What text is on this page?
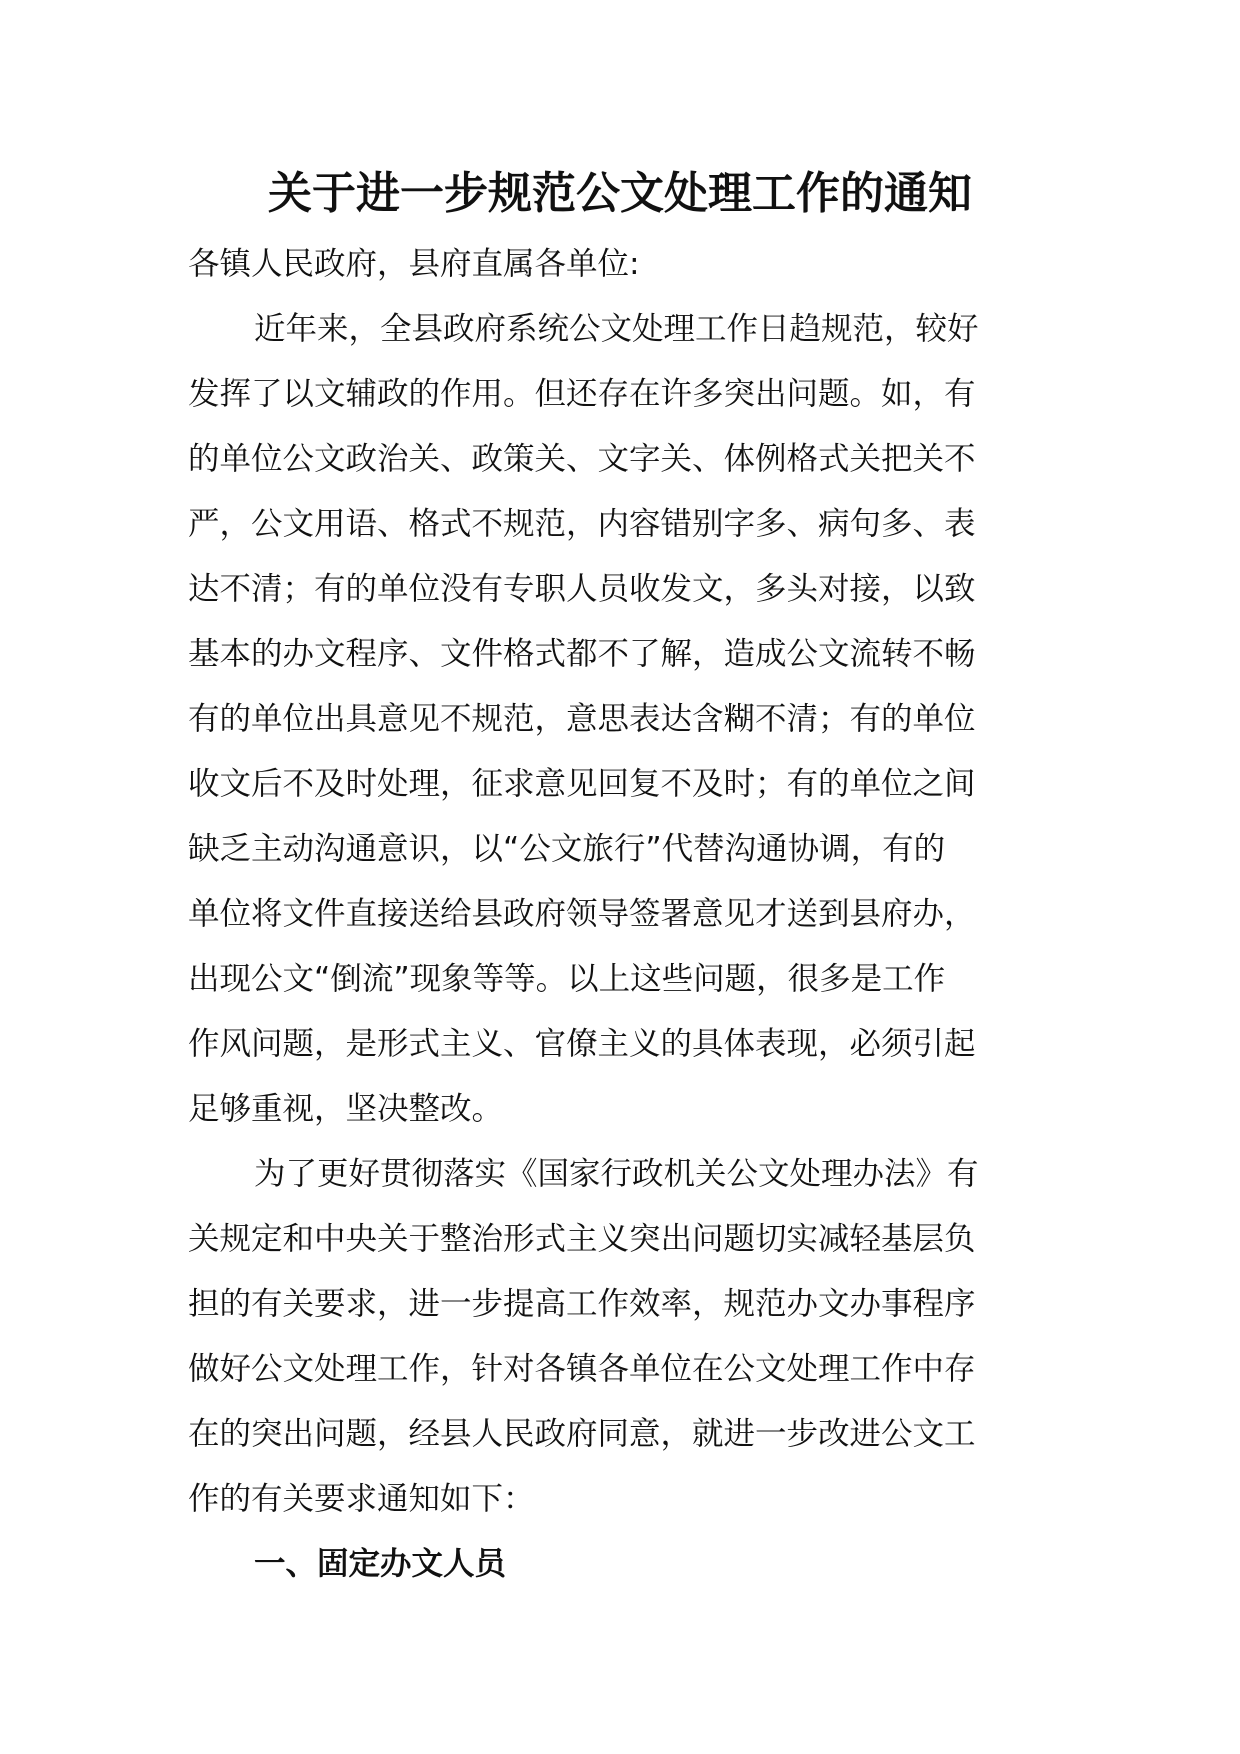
关于进一步规范公文处理工作的通知
各镇人民政府，县府直属各单位:
近年来，全县政府系统公文处理工作日趋规范，较好
发挥了以文辅政的作用。但还存在许多突出问题。如，有
的单位公文政治关、政策关、文字关、体例格式关把关不
严，公文用语、格式不规范，内容错别字多、病句多、表
达不清；有的单位没有专职人员收发文，多头对接，以致
基本的办文程序、文件格式都不了解，造成公文流转不畅
有的单位出具意见不规范，意思表达含糊不清；有的单位
收文后不及时处理，征求意见回复不及时；有的单位之间
缺乏主动沟通意识，以“公文旅行”代替沟通协调，有的
单位将文件直接送给县政府领导签署意见才送到县府办，
出现公文“倒流”现象等等。以上这些问题，很多是工作
作风问题，是形式主义、官僚主义的具体表现，必须引起
足够重视，坚决整改。
为了更好贯彻落实《国家行政机关公文处理办法》有
关规定和中央关于整治形式主义突出问题切实减轻基层负
担的有关要求，进一步提高工作效率，规范办文办事程序
做好公文处理工作，针对各镇各单位在公文处理工作中存
在的突出问题，经县人民政府同意，就进一步改进公文工
作的有关要求通知如下：
一、固定办文人员
